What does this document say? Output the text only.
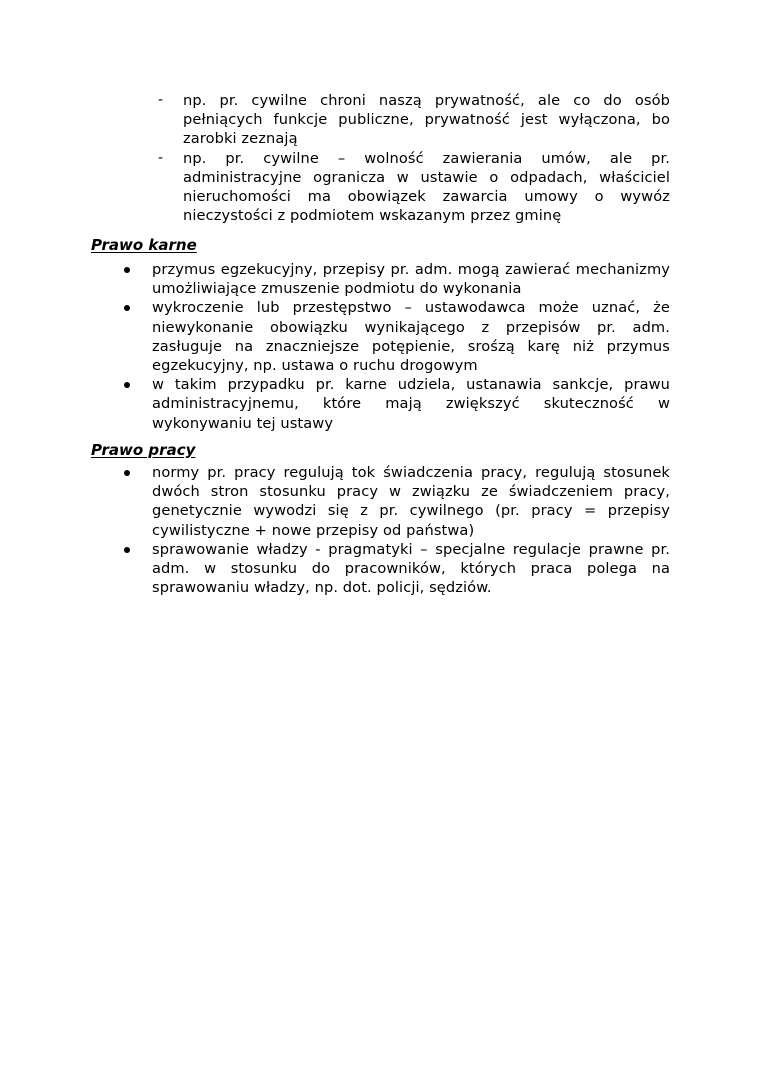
-	np. pr. cywilne chroni naszą prywatność, ale co do osób pełniących funkcje publiczne, prywatność jest wyłączona, bo zarobki zeznają
-	np. pr. cywilne – wolność zawierania umów, ale pr. administracyjne ogranicza w ustawie o odpadach, właściciel nieruchomości ma obowiązek zawarcia umowy o wywóz nieczystości z podmiotem wskazanym przez gminę
Prawo karne
przymus egzekucyjny, przepisy pr. adm. mogą zawierać mechanizmy umożliwiające zmuszenie podmiotu do wykonania
wykroczenie lub przestępstwo – ustawodawca może uznać, że niewykonanie obowiązku wynikającego z przepisów pr. adm. zasługuje na znaczniejsze potępienie, srośzą karę niż przymus egzekucyjny, np. ustawa o ruchu drogowym
w takim przypadku pr. karne udziela, ustanawia sankcje, prawu administracyjnemu, które mają zwiększyć skuteczność w wykonywaniu tej ustawy
Prawo pracy
normy pr. pracy regulują tok świadczenia pracy, regulują stosunek dwóch stron stosunku pracy w związku ze świadczeniem pracy, genetycznie wywodzi się z pr. cywilnego (pr. pracy = przepisy cywilistyczne + nowe przepisy od państwa)
sprawowanie władzy - pragmatyki – specjalne regulacje prawne pr. adm. w stosunku do pracowników, których praca polega na sprawowaniu władzy, np. dot. policji, sędziów.
